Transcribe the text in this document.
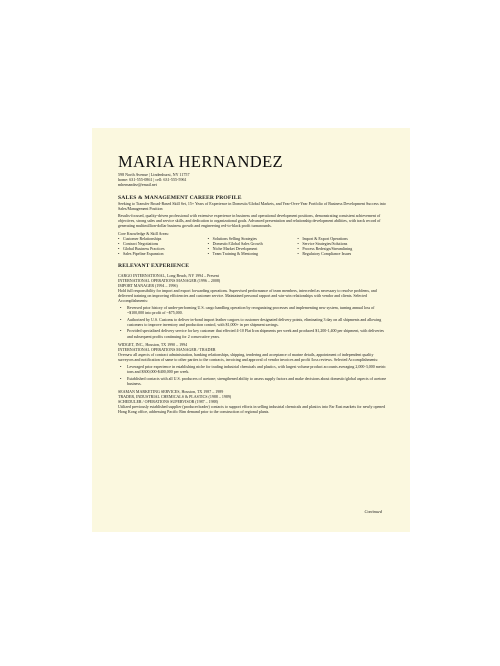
MARIA HERNANDEZ
598 North Avenue | Lindenhurst, NY 11757
home: 631-555-0861 | cell: 631-555-5961
mhernandez@email.net
SALES & MANAGEMENT CAREER PROFILE

Seeking to Transfer Broad-Based Skill Set, 15+ Years of Experience in Domestic/Global Markets, and Year-Over-Year Portfolio of Business Development Success into Sales/Management Position

Results-focused, quality-driven professional with extensive experience in business and operational development positions, demonstrating consistent achievement of objectives, strong sales and service skills, and dedication to organizational goals. Advanced presentation and relationship development abilities, with track record of generating multimillion-dollar business growth and engineering red-to-black profit turnarounds.

Core Knowledge & Skill Areas:
• Customer Relationships
• Contract Negotiations
• Global Business Practices
• Sales Pipeline Expansion
• Solutions Selling Strategies
• Domestic/Global Sales Growth
• Niche Market Development
• Team Training & Mentoring
• Import & Export Operations
• Service Strategies/Solutions
• Process Redesign/Streamlining
• Regulatory Compliance Issues
RELEVANT EXPERIENCE
CARGO INTERNATIONAL, Long Beach, NY 1994 – Present
INTERNATIONAL OPERATIONS MANAGER (1996 – 2008)
IMPORT MANAGER (1994 – 1996)

Hold full responsibility for import and export forwarding operations. Supervised performance of team members, interceded as necessary to resolve problems, and delivered training on improving efficiencies and customer service. Maintained personal rapport and win-win relationships with vendor and clients. Selected Accomplishments:

• Reversed prior history of under-performing U.S. cargo handling operation by reorganizing processes and implementing new system, turning annual loss of ~$100,000 into profit of ~$75,000.
• Authorized by U.S. Customs to deliver in-bond import leather cargoes to customer designated delivery points, eliminating 3 day on all shipments and allowing customers to improve inventory and production control, with $1,000+ in per shipment savings.
• Provided specialized delivery service for key customer that effected 4-10 Flat Iron shipments per week and produced $1,200-1,400 per shipment, with deliveries and subsequent profits continuing for 2 consecutive years.
WIDGET, INC., Houston, TX 1990 – 1994
INTERNATIONAL OPERATIONS MANAGER / TRADER

Oversaw all aspects of contract administration, banking relationships, shipping, tendering and acceptance of marine details, appointment of independent quality surveyors and notification of same to other parties to the contracts, invoicing and approval of vendor invoices and profit /loss reviews. Selected Accomplishments:

• Leveraged prior experience in establishing niche for trading industrial chemicals and plastics, with largest volume product accounts averaging 2,000-3,000 metric tons and $300,000-$400,000 per week.
• Established contacts with all U.S. producers of acetone; strengthened ability to assess supply factors and make decisions about domestic/global aspects of acetone business.
SEAMAN MARKETING SERVICES, Houston, TX 1987 – 1989
TRADER, INDUSTRIAL CHEMICALS & PLASTICS (1988 – 1989)
SCHEDULER / OPERATIONS SUPERVISOR (1987 – 1988)

Utilized previously established supplier (producer/trader) contacts to support efforts in selling industrial chemicals and plastics into Far East markets for newly opened Hong Kong office, addressing Pacific Rim demand prior to the construction of regional plants.

Continued
